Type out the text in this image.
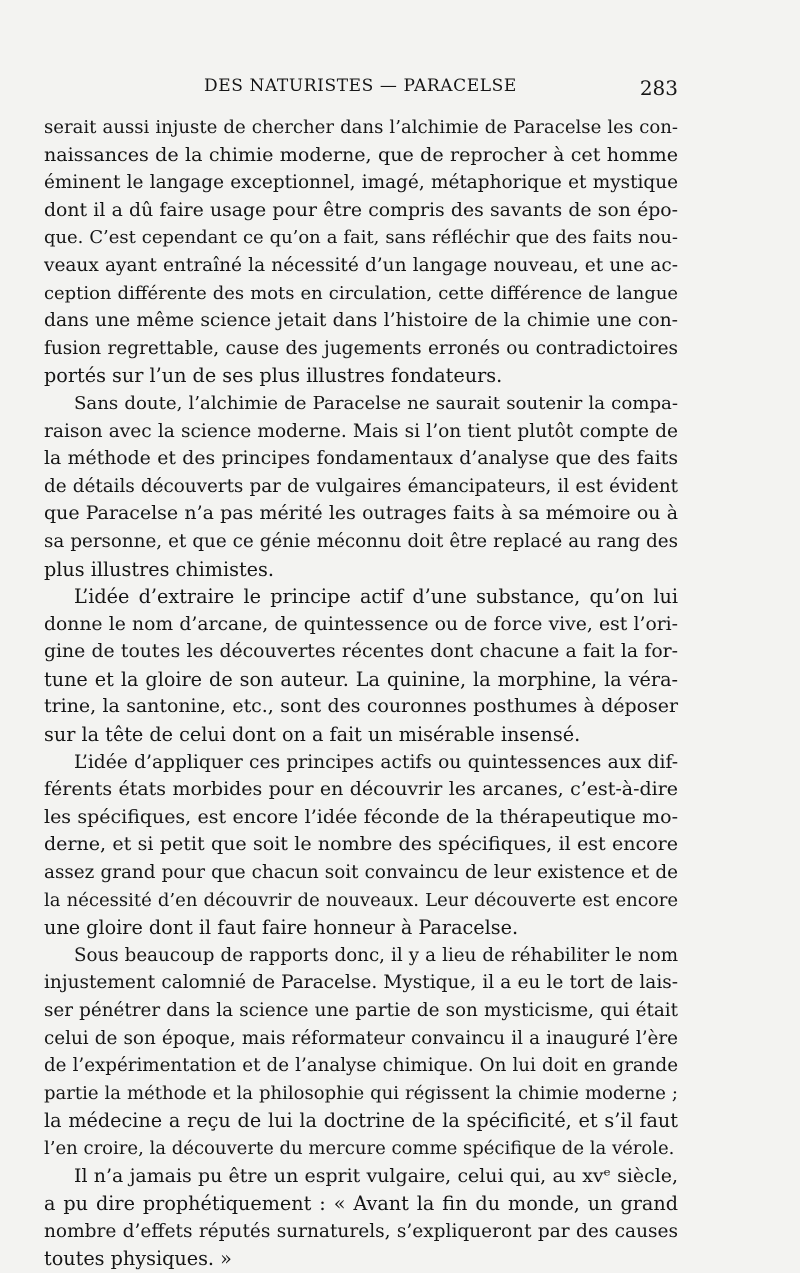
DES NATURISTES — PARACELSE	283
serait aussi injuste de chercher dans l’alchimie de Paracelse les con-
naissances de la chimie moderne, que de reprocher à cet homme
éminent le langage exceptionnel, imagé, métaphorique et mystique
dont il a dû faire usage pour être compris des savants de son épo-
que. C’est cependant ce qu’on a fait, sans réfléchir que des faits nou-
veaux ayant entraîné la nécessité d’un langage nouveau, et une ac-
ception différente des mots en circulation, cette différence de langue
dans une même science jetait dans l’histoire de la chimie une con-
fusion regrettable, cause des jugements erronés ou contradictoires
portés sur l’un de ses plus illustres fondateurs.
Sans doute, l’alchimie de Paracelse ne saurait soutenir la compa-
raison avec la science moderne. Mais si l’on tient plutôt compte de
la méthode et des principes fondamentaux d’analyse que des faits
de détails découverts par de vulgaires émancipateurs, il est évident
que Paracelse n’a pas mérité les outrages faits à sa mémoire ou à
sa personne, et que ce génie méconnu doit être replacé au rang des
plus illustres chimistes.
L’idée d’extraire le principe actif d’une substance, qu’on lui
donne le nom d’arcane, de quintessence ou de force vive, est l’ori-
gine de toutes les découvertes récentes dont chacune a fait la for-
tune et la gloire de son auteur. La quinine, la morphine, la véra-
trine, la santonine, etc., sont des couronnes posthumes à déposer
sur la tête de celui dont on a fait un misérable insensé.
L’idée d’appliquer ces principes actifs ou quintessences aux dif-
férents états morbides pour en découvrir les arcanes, c’est-à-dire
les spécifiques, est encore l’idée féconde de la thérapeutique mo-
derne, et si petit que soit le nombre des spécifiques, il est encore
assez grand pour que chacun soit convaincu de leur existence et de
la nécessité d’en découvrir de nouveaux. Leur découverte est encore
une gloire dont il faut faire honneur à Paracelse.
Sous beaucoup de rapports donc, il y a lieu de réhabiliter le nom
injustement calomnié de Paracelse. Mystique, il a eu le tort de lais-
ser pénétrer dans la science une partie de son mysticisme, qui était
celui de son époque, mais réformateur convaincu il a inauguré l’ère
de l’expérimentation et de l’analyse chimique. On lui doit en grande
partie la méthode et la philosophie qui régissent la chimie moderne ;
la médecine a reçu de lui la doctrine de la spécificité, et s’il faut
l’en croire, la découverte du mercure comme spécifique de la vérole.
Il n’a jamais pu être un esprit vulgaire, celui qui, au xvᵉ siècle,
a pu dire prophétiquement : « Avant la fin du monde, un grand
nombre d’effets réputés surnaturels, s’expliqueront par des causes
toutes physiques. »
